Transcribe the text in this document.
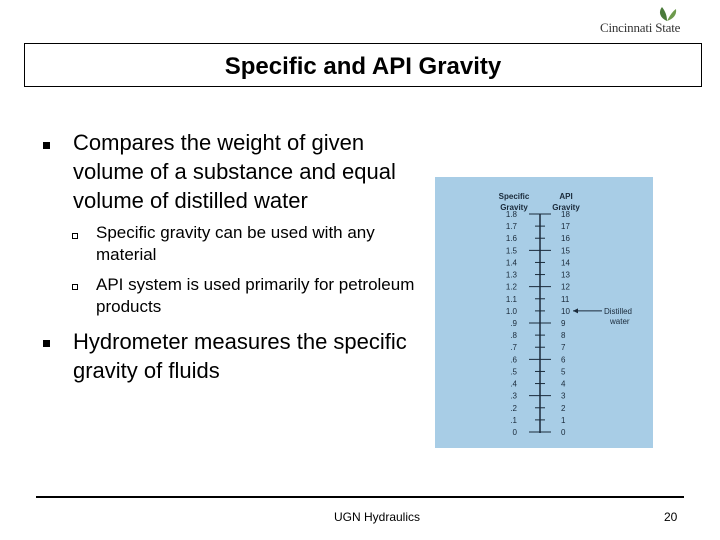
Cincinnati State
Specific and API Gravity
Compares the weight of given volume of a substance and equal volume of distilled water
Specific gravity can be used with any material
API system is used primarily for petroleum products
Hydrometer measures the specific gravity of fluids
Specific
Gravity
API
Gravity
1.8	18
1.7	17
1.6	16
1.5	15
1.4	14
1.3	13
1.2	12
1.1	11
1.0	10	Distilled
water
.9	9
.8	8
.7	7
.6	6
.5	5
.4	4
.3	3
.2	2
.1	1
0	0
UGN Hydraulics	20
